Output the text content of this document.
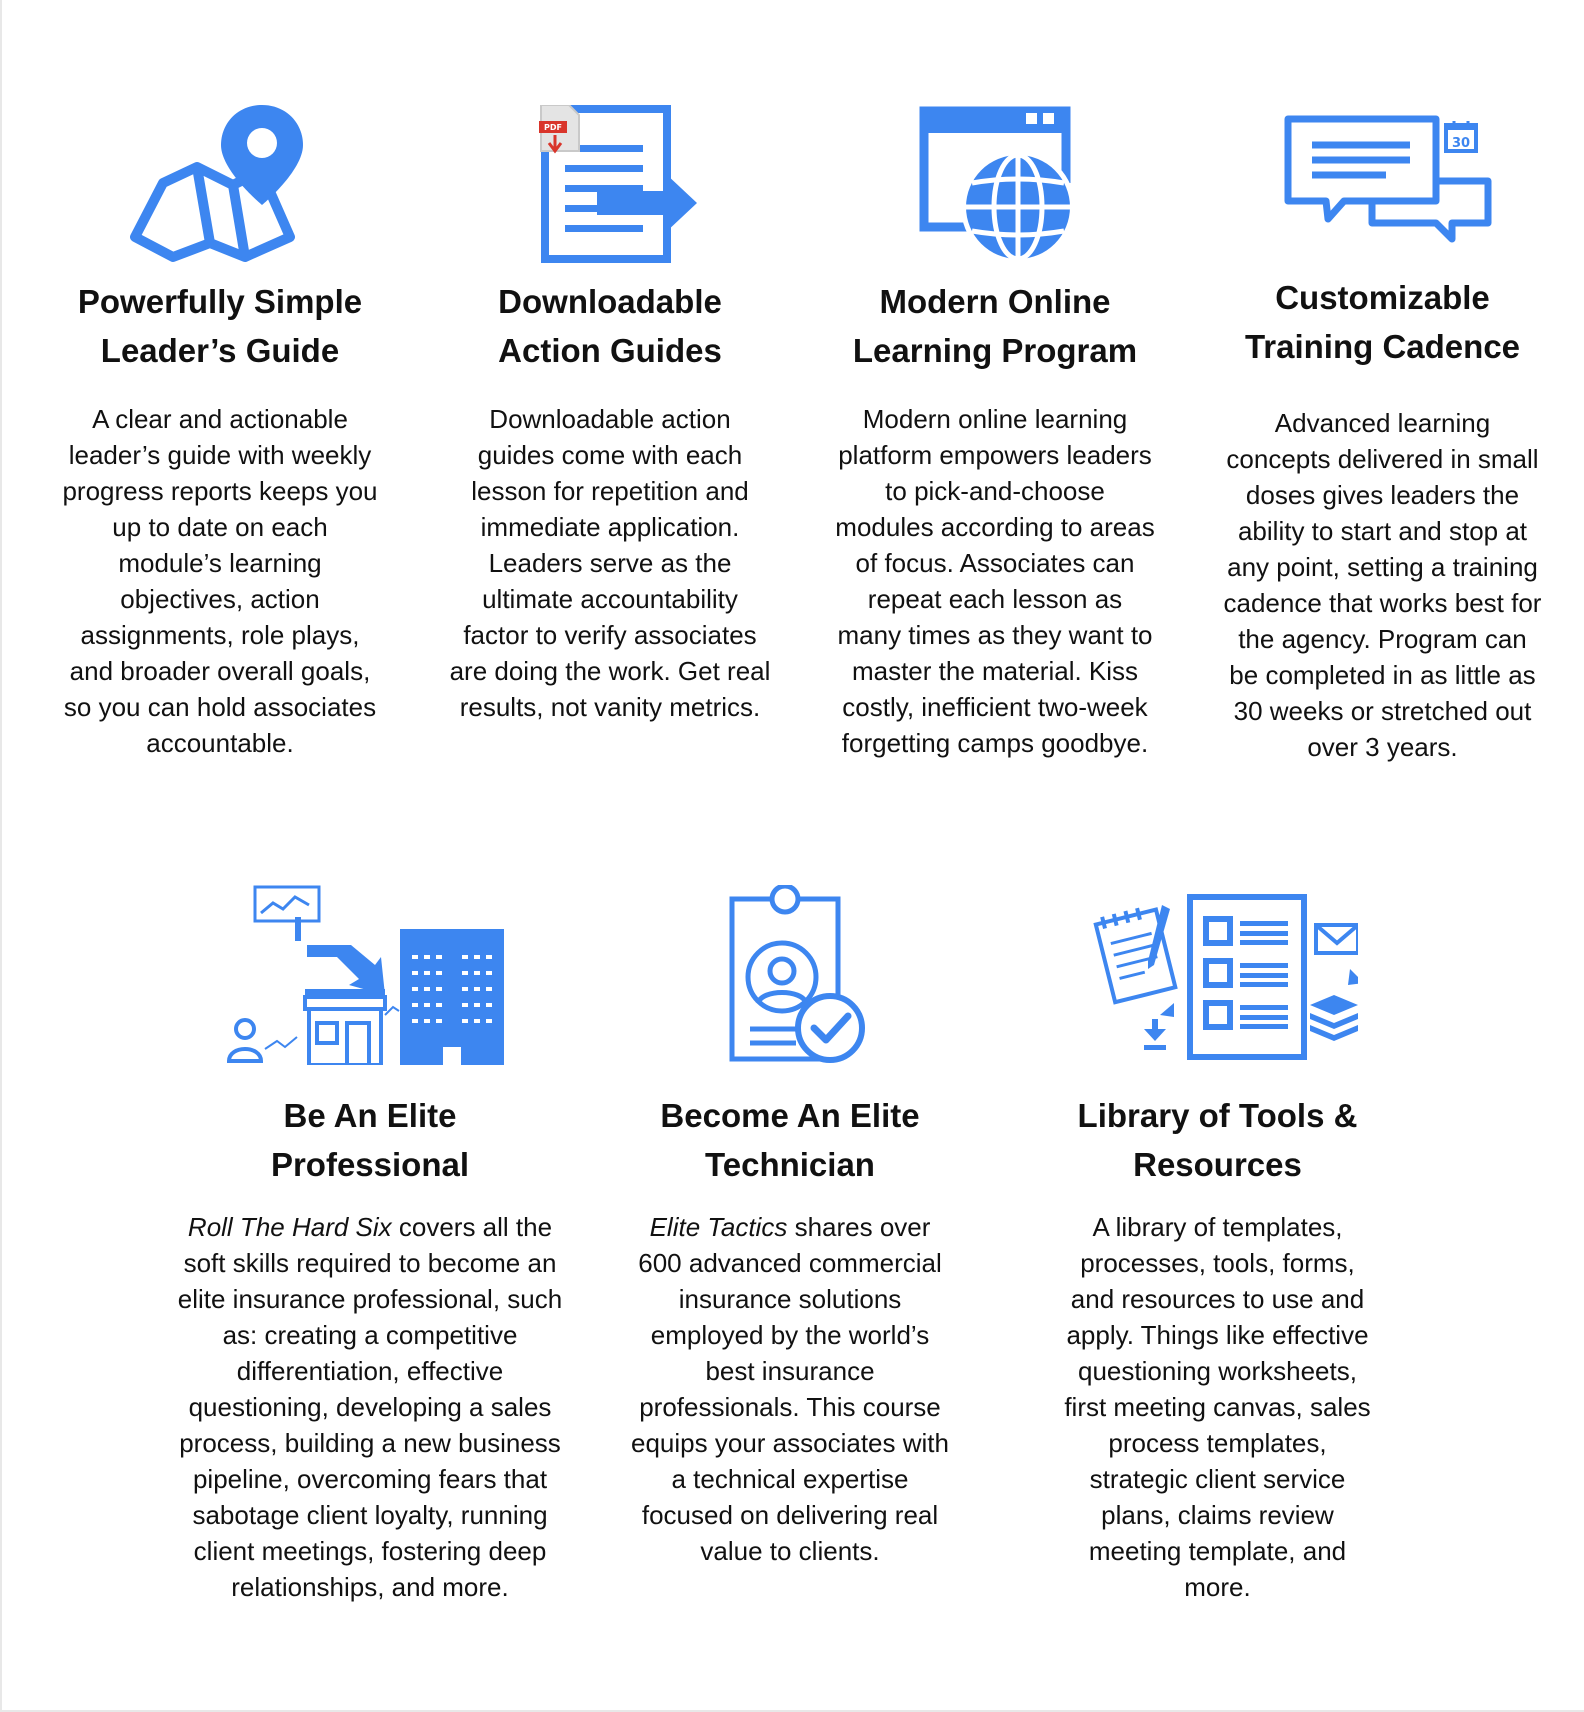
Powerfully Simple
Leader’s Guide

A clear and actionable
leader’s guide with weekly
progress reports keeps you
up to date on each
module’s learning
objectives, action
assignments, role plays,
and broader overall goals,
so you can hold associates
accountable.

PDF
Downloadable
Action Guides

Downloadable action
guides come with each
lesson for repetition and
immediate application.
Leaders serve as the
ultimate accountability
factor to verify associates
are doing the work. Get real
results, not vanity metrics.

Modern Online
Learning Program

Modern online learning
platform empowers leaders
to pick-and-choose
modules according to areas
of focus. Associates can
repeat each lesson as
many times as they want to
master the material. Kiss
costly, inefficient two-week
forgetting camps goodbye.

30
Customizable
Training Cadence

Advanced learning
concepts delivered in small
doses gives leaders the
ability to start and stop at
any point, setting a training
cadence that works best for
the agency. Program can
be completed in as little as
30 weeks or stretched out
over 3 years.

Be An Elite
Professional

Roll The Hard Six covers all the
soft skills required to become an
elite insurance professional, such
as: creating a competitive
differentiation, effective
questioning, developing a sales
process, building a new business
pipeline, overcoming fears that
sabotage client loyalty, running
client meetings, fostering deep
relationships, and more.

Become An Elite
Technician

Elite Tactics shares over
600 advanced commercial
insurance solutions
employed by the world’s
best insurance
professionals. This course
equips your associates with
a technical expertise
focused on delivering real
value to clients.

Library of Tools &
Resources

A library of templates,
processes, tools, forms,
and resources to use and
apply. Things like effective
questioning worksheets,
first meeting canvas, sales
process templates,
strategic client service
plans, claims review
meeting template, and
more.
